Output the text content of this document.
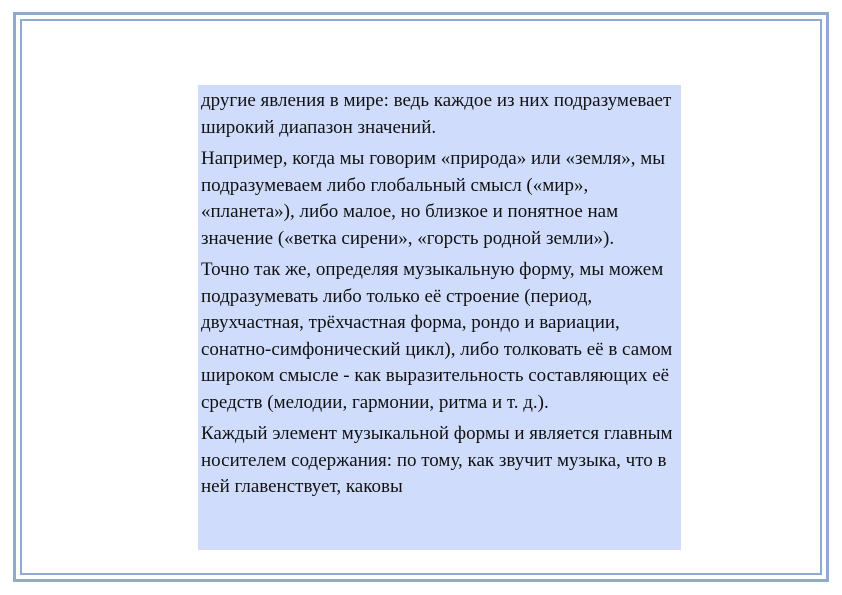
другие явления в мире: ведь каждое из них подразумевает широкий диапазон значений.

Например, когда мы говорим «природа» или «земля», мы подразумеваем либо глобальный смысл («мир», «планета»), либо малое, но близкое и понятное нам значение («ветка сирени», «горсть родной земли»).

Точно так же, определяя музыкальную форму, мы можем подразумевать либо только её строение (период, двухчастная, трёхчастная форма, рондо и вариации, сонатно-симфонический цикл), либо толковать её в самом широком смысле - как выразительность составляющих её средств (мелодии, гармонии, ритма и т. д.).

Каждый элемент музыкальной формы и является главным носителем содержания: по тому, как звучит музыка, что в ней главенствует, каковы
